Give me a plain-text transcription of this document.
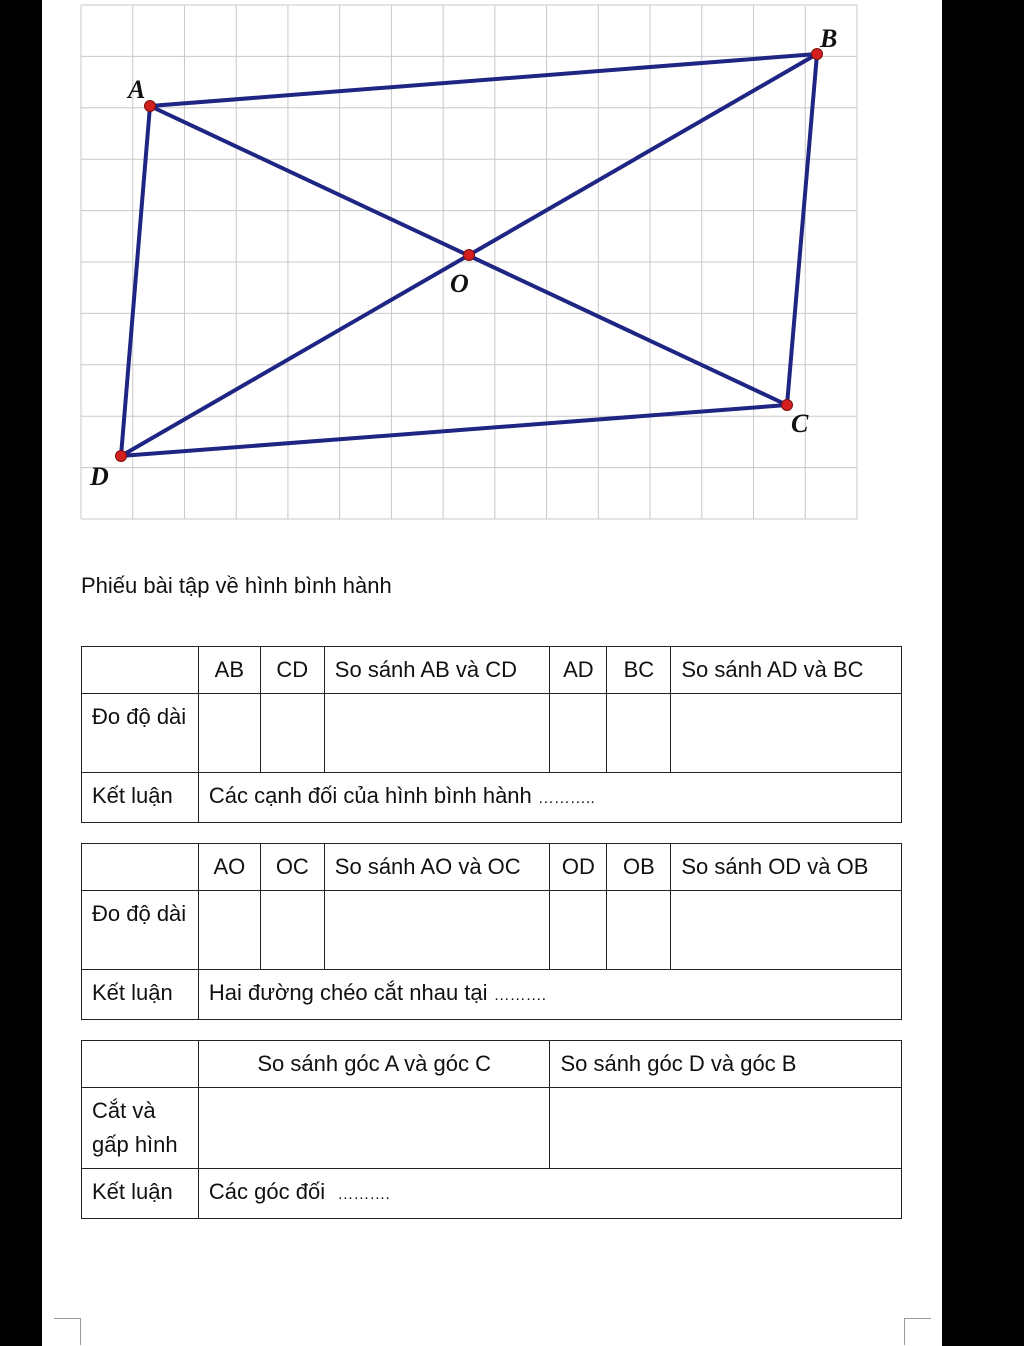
A
B
C
D
O
Phiếu bài tập về hình bình hành
	AB	CD	So sánh AB và CD	AD	BC	So sánh AD và BC
Đo độ dài						
Kết luận	Các cạnh đối của hình bình hành ………..					
	AO	OC	So sánh AO và OC	OD	OB	So sánh OD và OB
Đo độ dài						
Kết luận	Hai đường chéo cắt nhau tại ……….					
	So sánh góc A và góc C	So sánh góc D và góc B
Cắt và gấp hình		
Kết luận	Các góc đối ……….	
